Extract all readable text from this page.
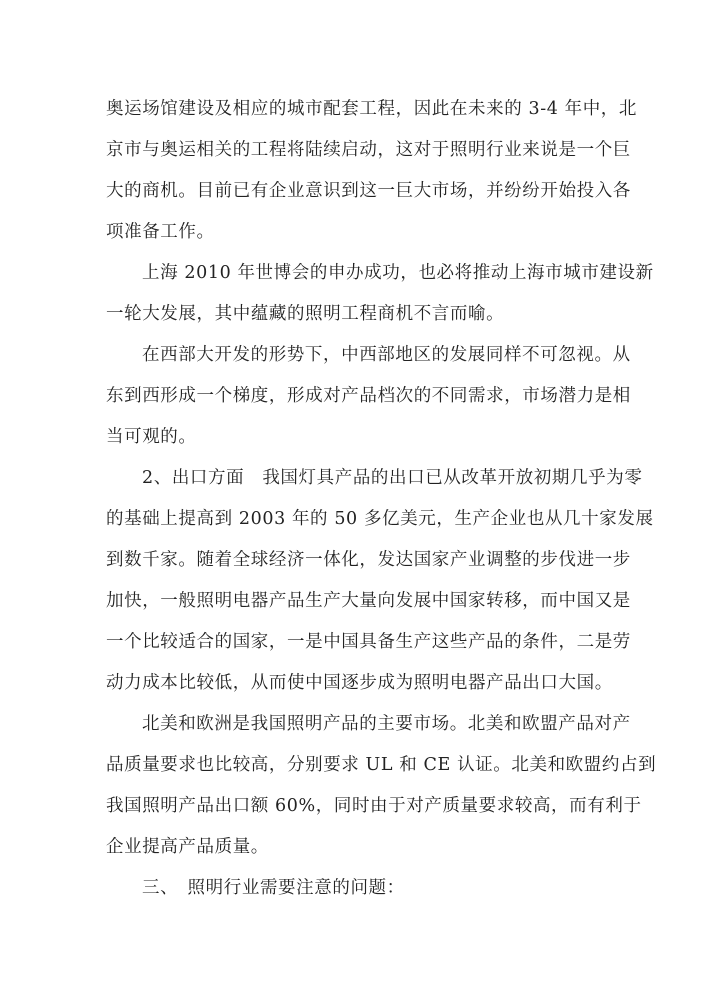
奥运场馆建设及相应的城市配套工程，因此在未来的 3-4 年中，北
京市与奥运相关的工程将陆续启动，这对于照明行业来说是一个巨
大的商机。目前已有企业意识到这一巨大市场，并纷纷开始投入各
项准备工作。
上海 2010 年世博会的申办成功，也必将推动上海市城市建设新
一轮大发展，其中蕴藏的照明工程商机不言而喻。
在西部大开发的形势下，中西部地区的发展同样不可忽视。从
东到西形成一个梯度，形成对产品档次的不同需求，市场潜力是相
当可观的。
2、出口方面　我国灯具产品的出口已从改革开放初期几乎为零
的基础上提高到 2003 年的 50 多亿美元，生产企业也从几十家发展
到数千家。随着全球经济一体化，发达国家产业调整的步伐进一步
加快，一般照明电器产品生产大量向发展中国家转移，而中国又是
一个比较适合的国家，一是中国具备生产这些产品的条件，二是劳
动力成本比较低，从而使中国逐步成为照明电器产品出口大国。
北美和欧洲是我国照明产品的主要市场。北美和欧盟产品对产
品质量要求也比较高，分别要求 UL 和 CE 认证。北美和欧盟约占到
我国照明产品出口额 60%，同时由于对产质量要求较高，而有利于
企业提高产品质量。
三、　照明行业需要注意的问题：
